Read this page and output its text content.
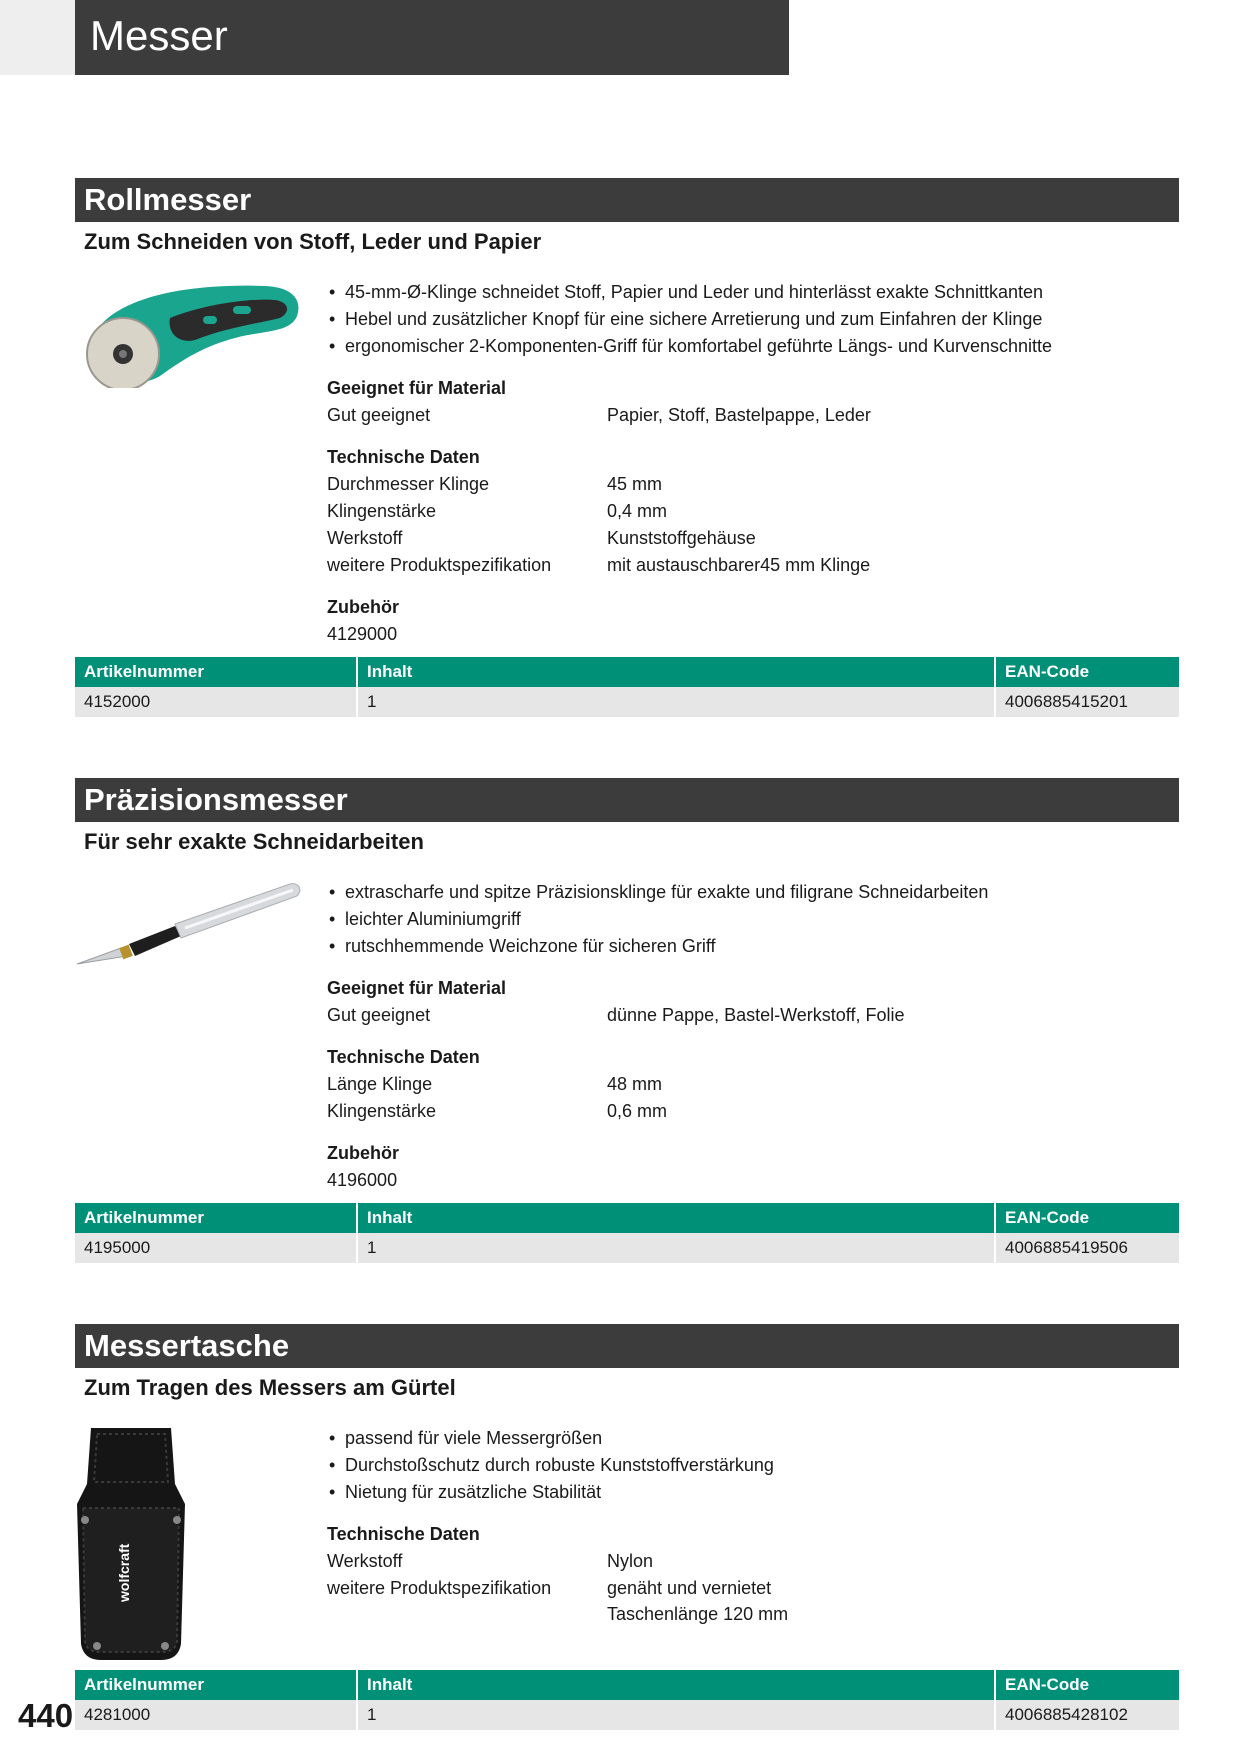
Messer
Rollmesser
Zum Schneiden von Stoff, Leder und Papier
• 45-mm-Ø-Klinge schneidet Stoff, Papier und Leder und hinterlässt exakte Schnittkanten
• Hebel und zusätzlicher Knopf für eine sichere Arretierung und zum Einfahren der Klinge
• ergonomischer 2-Komponenten-Griff für komfortabel geführte Längs- und Kurvenschnitte
Geeignet für Material
Gut geeignet	Papier, Stoff, Bastelpappe, Leder
Technische Daten
Durchmesser Klinge	45 mm
Klingenstärke	0,4 mm
Werkstoff	Kunststoffgehäuse
weitere Produktspezifikation	mit austauschbarer45 mm Klinge
Zubehör
4129000
Artikelnummer	Inhalt	EAN-Code
4152000	1	4006885415201
Präzisionsmesser
Für sehr exakte Schneidarbeiten
• extrascharfe und spitze Präzisionsklinge für exakte und filigrane Schneidarbeiten
• leichter Aluminiumgriff
• rutschhemmende Weichzone für sicheren Griff
Geeignet für Material
Gut geeignet	dünne Pappe, Bastel-Werkstoff, Folie
Technische Daten
Länge Klinge	48 mm
Klingenstärke	0,6 mm
Zubehör
4196000
Artikelnummer	Inhalt	EAN-Code
4195000	1	4006885419506
Messertasche
Zum Tragen des Messers am Gürtel
wolfcraft
• passend für viele Messergrößen
• Durchstoßschutz durch robuste Kunststoffverstärkung
• Nietung für zusätzliche Stabilität
Technische Daten
Werkstoff	Nylon
weitere Produktspezifikation	genäht und vernietet
Taschenlänge 120 mm
Artikelnummer	Inhalt	EAN-Code
4281000	1	4006885428102
440
